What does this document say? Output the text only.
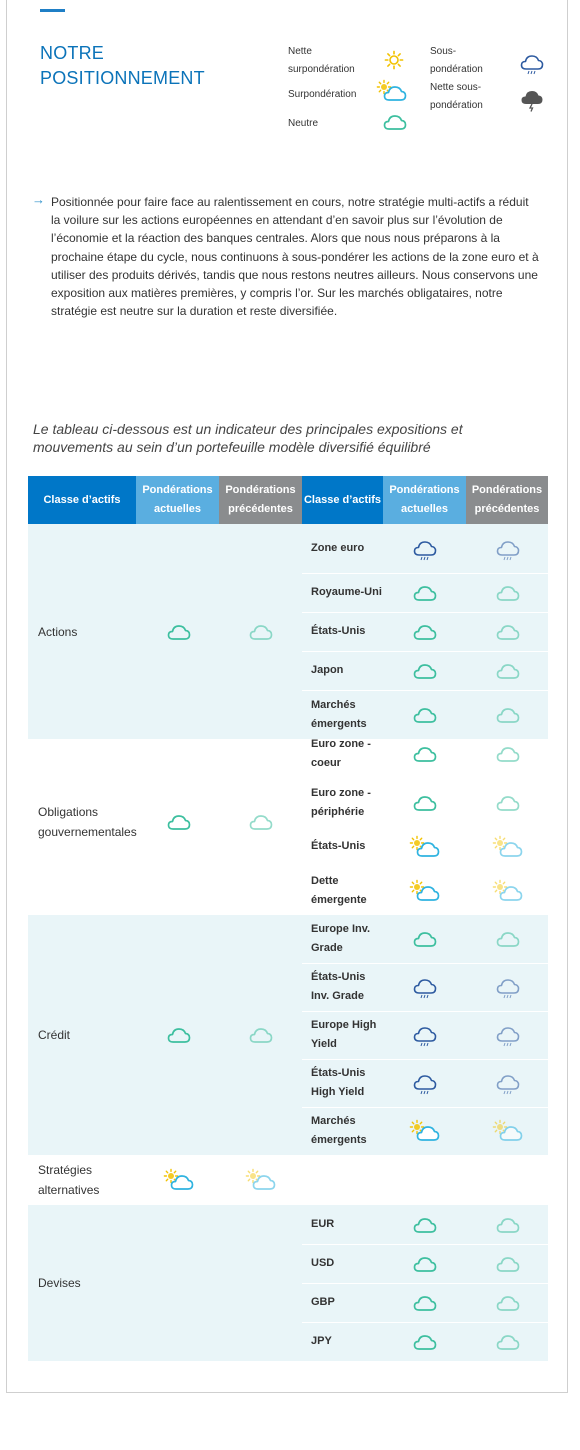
NOTRE POSITIONNEMENT
Nette surpondération
Surpondération
Neutre
Sous-pondération
Nette sous-pondération
→ Positionnée pour faire face au ralentissement en cours, notre stratégie multi-actifs a réduit la voilure sur les actions européennes en attendant d’en savoir plus sur l’évolution de l’économie et la réaction des banques centrales. Alors que nous nous préparons à la prochaine étape du cycle, nous continuons à sous-pondérer les actions de la zone euro et à utiliser des produits dérivés, tandis que nous restons neutres ailleurs. Nous conservons une exposition aux matières premières, y compris l’or. Sur les marchés obligataires, notre stratégie est neutre sur la duration et reste diversifiée.

Le tableau ci-dessous est un indicateur des principales expositions et mouvements au sein d’un portefeuille modèle diversifié équilibré
Classe d’actifs
Pondérations actuelles
Pondérations précédentes
Classe d’actifs
Pondérations actuelles
Pondérations précédentes
Actions
Zone euro
Royaume-Uni
États-Unis
Japon
Marchés émergents
Obligations gouvernementales
Euro zone - coeur
Euro zone - périphérie
États-Unis
Dette émergente
Crédit
Europe Inv. Grade
États-Unis Inv. Grade
Europe High Yield
États-Unis High Yield
Marchés émergents
Stratégies alternatives
Devises
EUR
USD
GBP
JPY
